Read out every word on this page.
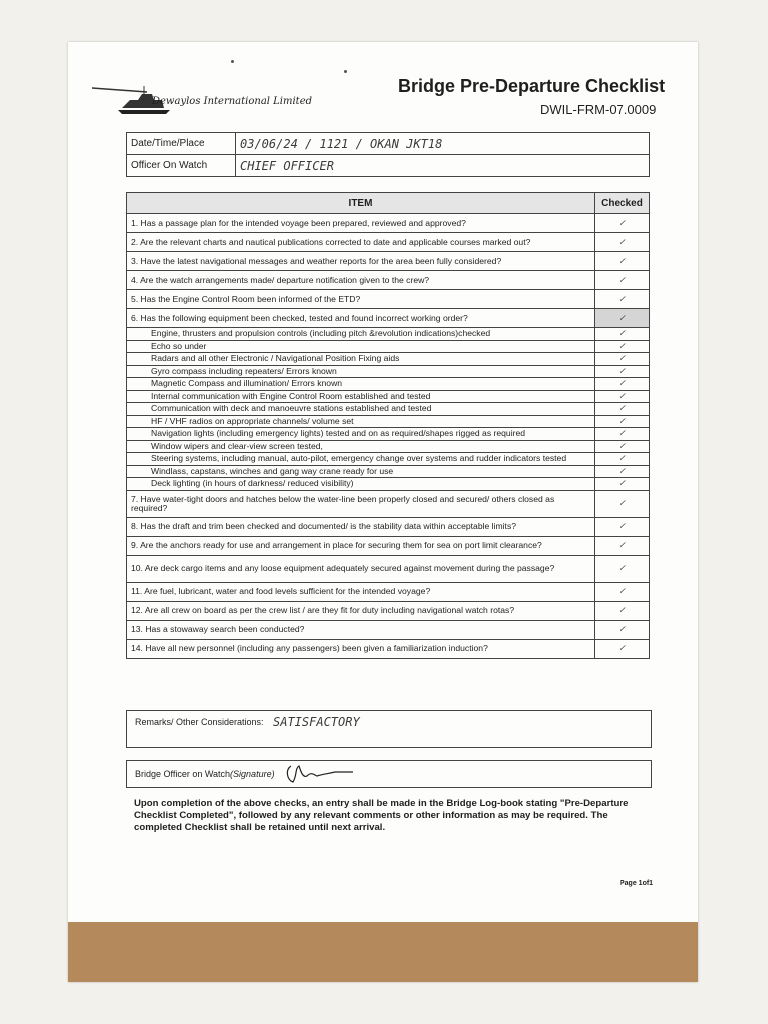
Dewaylos International Limited
Bridge Pre-Departure Checklist
DWIL-FRM-07.0009
Date/Time/Place	03/06/24 / 1121 / OKAN JKT18
Officer On Watch	CHIEF OFFICER
ITEM	Checked
1. Has a passage plan for the intended voyage been prepared, reviewed and approved?	✓
2. Are the relevant charts and nautical publications corrected to date and applicable courses marked out?	✓
3. Have the latest navigational messages and weather reports for the area been fully considered?	✓
4. Are the watch arrangements made/ departure notification given to the crew?	✓
5. Has the Engine Control Room been informed of the ETD?	✓
6. Has the following equipment been checked, tested and found incorrect working order?	✓
Engine, thrusters and propulsion controls (including pitch &revolution indications)checked	✓
Echo so under	✓
Radars and all other Electronic / Navigational Position Fixing aids	✓
Gyro compass including repeaters/ Errors known	✓
Magnetic Compass and illumination/ Errors known	✓
Internal communication with Engine Control Room established and tested	✓
Communication with deck and manoeuvre stations established and tested	✓
HF / VHF radios on appropriate channels/ volume set	✓
Navigation lights (including emergency lights) tested and on as required/shapes rigged as required	✓
Window wipers and clear-view screen tested,	✓
Steering systems, including manual, auto-pilot, emergency change over systems and rudder indicators tested	✓
Windlass, capstans, winches and gang way crane ready for use	✓
Deck lighting (in hours of darkness/ reduced visibility)	✓
7. Have water-tight doors and hatches below the water-line been properly closed and secured/ others closed as required?	✓
8. Has the draft and trim been checked and documented/ is the stability data within acceptable limits?	✓
9. Are the anchors ready for use and arrangement in place for securing them for sea on port limit clearance?	✓
10. Are deck cargo items and any loose equipment adequately secured against movement during the passage?	✓
11. Are fuel, lubricant, water and food levels sufficient for the intended voyage?	✓
12. Are all crew on board as per the crew list / are they fit for duty including navigational watch rotas?	✓
13. Has a stowaway search been conducted?	✓
14. Have all new personnel (including any passengers) been given a familiarization induction?	✓
Remarks/ Other Considerations: SATISFACTORY
Bridge Officer on Watch(Signature)
Upon completion of the above checks, an entry shall be made in the Bridge Log-book stating "Pre-Departure Checklist Completed", followed by any relevant comments or other information as may be required. The completed Checklist shall be retained until next arrival.
Page 1of1
